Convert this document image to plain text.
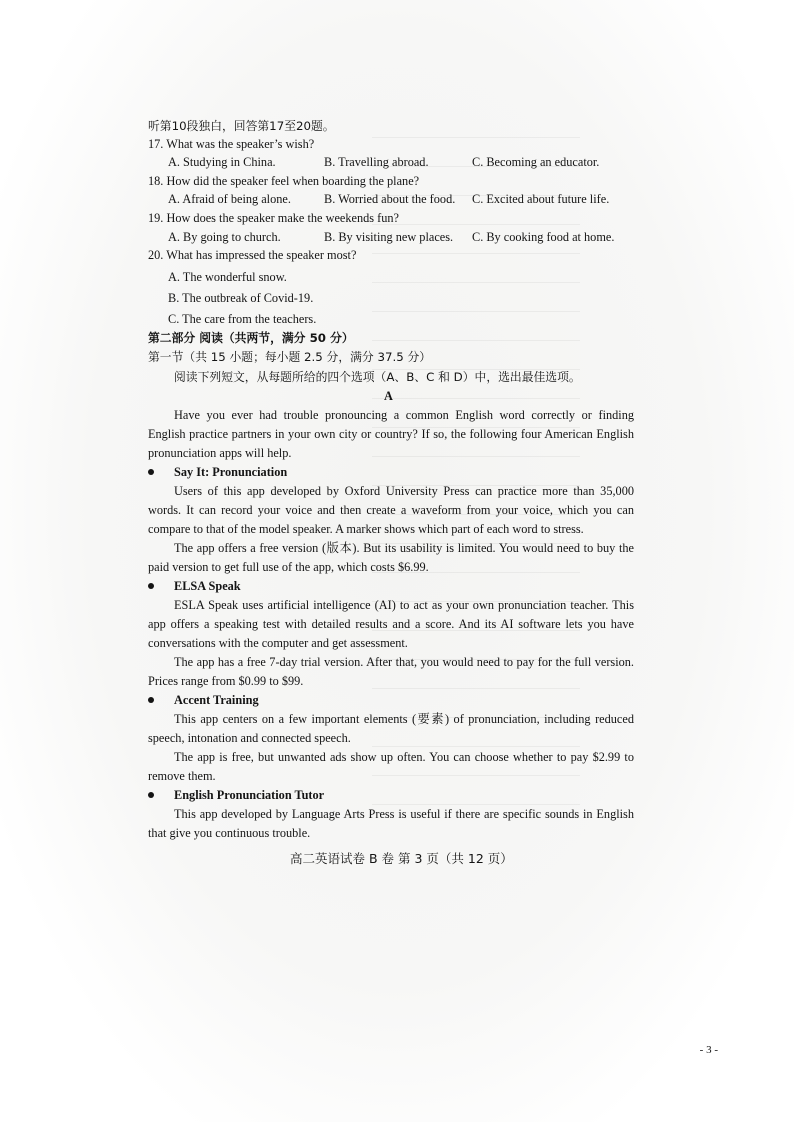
听第10段独白，回答第17至20题。
17. What was the speaker’s wish?
A. Studying in China.	B. Travelling abroad.	C. Becoming an educator.
18. How did the speaker feel when boarding the plane?
A. Afraid of being alone.	B. Worried about the food. C. Excited about future life.
19. How does the speaker make the weekends fun?
A. By going to church.	B. By visiting new places. C. By cooking food at home.
20. What has impressed the speaker most?
A. The wonderful snow.
B. The outbreak of Covid-19.
C. The care from the teachers.
第二部分 阅读（共两节，满分 50 分）
第一节（共 15 小题；每小题 2.5 分，满分 37.5 分）
阅读下列短文，从每题所给的四个选项（A、B、C 和 D）中，选出最佳选项。
A
Have you ever had trouble pronouncing a common English word correctly or finding
English practice partners in your own city or country? If so, the following four American English
pronunciation apps will help.
Say It: Pronunciation
Users of this app developed by Oxford University Press can practice more than 35,000
words. It can record your voice and then create a waveform from your voice, which you can
compare to that of the model speaker. A marker shows which part of each word to stress.
The app offers a free version (版本). But its usability is limited. You would need to buy the
paid version to get full use of the app, which costs $6.99.
ELSA Speak
ESLA Speak uses artificial intelligence (AI) to act as your own pronunciation teacher. This
app offers a speaking test with detailed results and a score. And its AI software lets you have
conversations with the computer and get assessment.
The app has a free 7-day trial version. After that, you would need to pay for the full version.
Prices range from $0.99 to $99.
Accent Training
This app centers on a few important elements (要素) of pronunciation, including reduced
speech, intonation and connected speech.
The app is free, but unwanted ads show up often. You can choose whether to pay $2.99 to
remove them.
English Pronunciation Tutor
This app developed by Language Arts Press is useful if there are specific sounds in English
that give you continuous trouble.
高二英语试卷 B 卷 第 3 页（共 12 页）
- 3 -
